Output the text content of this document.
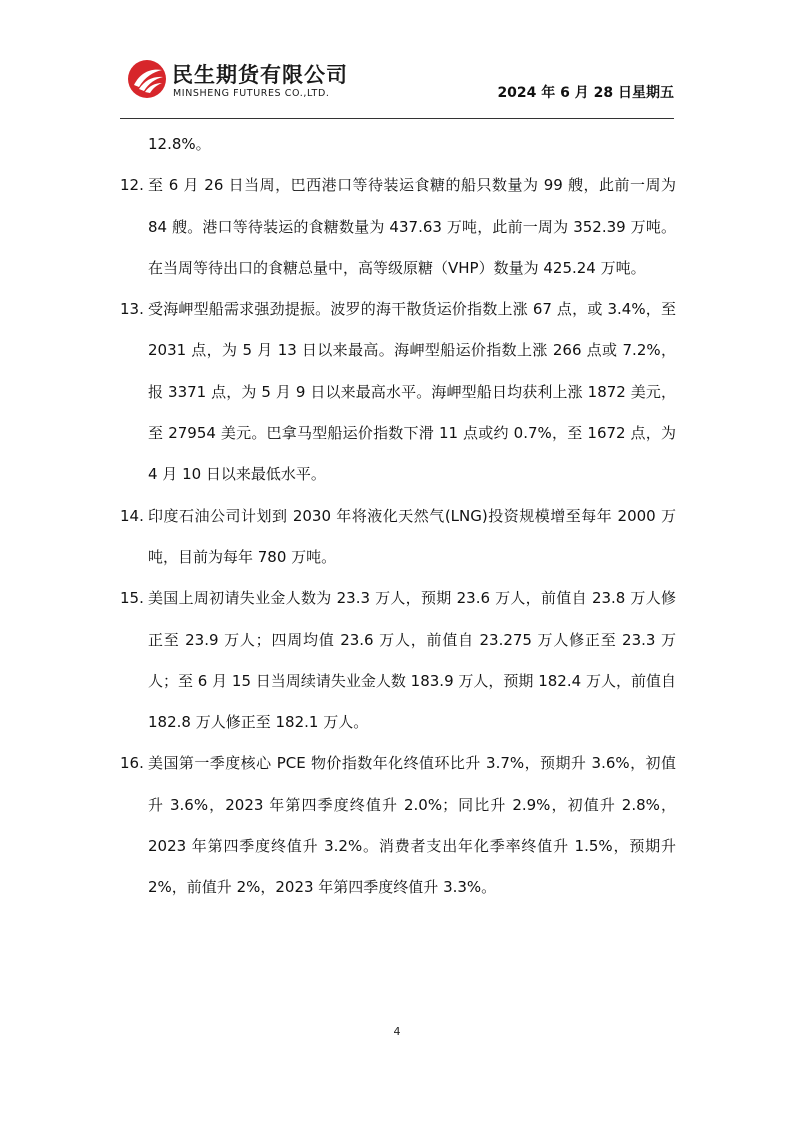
民生期货有限公司
MINSHENG FUTURES CO.,LTD.	2024 年 6 月 28 日星期五
12.8%。
12. 至 6 月 26 日当周，巴西港口等待装运食糖的船只数量为 99 艘，此前一周为 84 艘。港口等待装运的食糖数量为 437.63 万吨，此前一周为 352.39 万吨。在当周等待出口的食糖总量中，高等级原糖（VHP）数量为 425.24 万吨。
13. 受海岬型船需求强劲提振。波罗的海干散货运价指数上涨 67 点，或 3.4%，至 2031 点，为 5 月 13 日以来最高。海岬型船运价指数上涨 266 点或 7.2%，报 3371 点，为 5 月 9 日以来最高水平。海岬型船日均获利上涨 1872 美元，至 27954 美元。巴拿马型船运价指数下滑 11 点或约 0.7%，至 1672 点，为 4 月 10 日以来最低水平。
14. 印度石油公司计划到 2030 年将液化天然气(LNG)投资规模增至每年 2000 万吨，目前为每年 780 万吨。
15. 美国上周初请失业金人数为 23.3 万人，预期 23.6 万人，前值自 23.8 万人修正至 23.9 万人；四周均值 23.6 万人，前值自 23.275 万人修正至 23.3 万人；至 6 月 15 日当周续请失业金人数 183.9 万人，预期 182.4 万人，前值自 182.8 万人修正至 182.1 万人。
16. 美国第一季度核心 PCE 物价指数年化终值环比升 3.7%，预期升 3.6%，初值升 3.6%，2023 年第四季度终值升 2.0%；同比升 2.9%，初值升 2.8%，2023 年第四季度终值升 3.2%。消费者支出年化季率终值升 1.5%，预期升 2%，前值升 2%，2023 年第四季度终值升 3.3%。
4
